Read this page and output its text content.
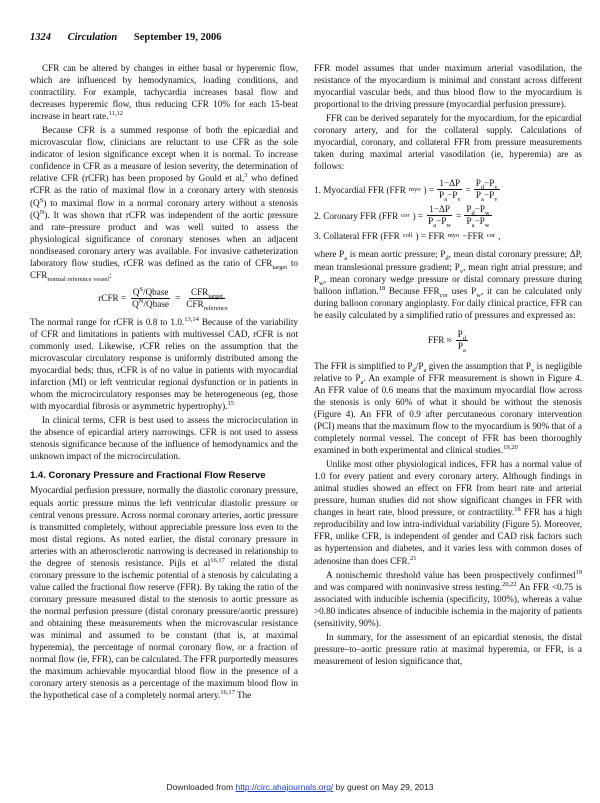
1324 Circulation September 19, 2006

CFR can be altered by changes in either basal or hyperemic flow, which are influenced by hemodynamics, loading conditions, and contractility. For example, tachycardia increases basal flow and decreases hyperemic flow, thus reducing CFR 10% for each 15-beat increase in heart rate.$^{11,12}$

Because CFR is a summed response of both the epicardial and microvascular flow, clinicians are reluctant to use CFR as the sole indicator of lesion significance except when it is normal. To increase confidence in CFR as a measure of lesion severity, the determination of relative CFR (rCFR) has been proposed by Gould et al,$^3$ who defined rCFR as the ratio of maximal flow in a coronary artery with stenosis $(Q^S)$ to maximal flow in a normal coronary artery without a stenosis $(Q^N)$. It was shown that rCFR was independent of the aortic pressure and rate–pressure product and was well suited to assess the physiological significance of coronary stenoses when an adjacent nondiseased coronary artery was available. For invasive catheterization laboratory flow studies, rCFR was defined as the ratio of $CFR_{target}$ to $CFR_{normal reference vessel}$:

rCFR = $\frac{Q^S/Qbase}{Q^N/Qbase} = \frac{CFR_{target}}{CFR_{reference}}$

The normal range for rCFR is 0.8 to 1.0.$^{13,14}$ Because of the variability of CFR and limitations in patients with multivessel CAD, rCFR is not commonly used. Likewise, rCFR relies on the assumption that the microvascular circulatory response is uniformly distributed among the myocardial beds; thus, rCFR is of no value in patients with myocardial infarction (MI) or left ventricular regional dysfunction or in patients in whom the microcirculatory responses may be heterogeneous (eg, those with myocardial fibrosis or asymmetric hypertrophy).$^{15}$

In clinical terms, CFR is best used to assess the microcirculation in the absence of epicardial artery narrowings. CFR is not used to assess stenosis significance because of the influence of hemodynamics and the unknown impact of the microcirculation.

1.4. Coronary Pressure and Fractional Flow Reserve

Myocardial perfusion pressure, normally the diastolic coronary pressure, equals aortic pressure minus the left ventricular diastolic pressure or central venous pressure. Across normal coronary arteries, aortic pressure is transmitted completely, without appreciable pressure loss even to the most distal regions. As noted earlier, the distal coronary pressure in arteries with an atherosclerotic narrowing is decreased in relationship to the degree of stenosis resistance. Pijls et al$^{16,17}$ related the distal coronary pressure to the ischemic potential of a stenosis by calculating a value called the fractional flow reserve (FFR). By taking the ratio of the coronary pressure measured distal to the stenosis to aortic pressure as the normal perfusion pressure (distal coronary pressure/aortic pressure) and obtaining these measurements when the microvascular resistance was minimal and assumed to be constant (that is, at maximal hyperemia), the percentage of normal coronary flow, or a fraction of normal flow (ie, FFR), can be calculated. The FFR purportedly measures the maximum achievable myocardial blood flow in the presence of a coronary artery stenosis as a percentage of the maximum blood flow in the hypothetical case of a completely normal artery.$^{16,17}$ The

FFR model assumes that under maximum arterial vasodilation, the resistance of the myocardium is minimal and constant across different myocardial vascular beds, and thus blood flow to the myocardium is proportional to the driving pressure (myocardial perfusion pressure).

FFR can be derived separately for the myocardium, for the epicardial coronary artery, and for the collateral supply. Calculations of myocardial, coronary, and collateral FFR from pressure measurements taken during maximal arterial vasodilation (ie, hyperemia) are as follows:

1. Myocardial FFR (FFR myo ) = $\frac{1-\Delta P}{P_a-P_v} = \frac{P_d-P_v}{P_a-P_v}$
2. Coronary FFR (FFR cor ) = $\frac{1-\Delta P}{P_a-P_w} = \frac{P_d-P_w}{P_a-P_w}$
3. Collateral FFR (FFR coll ) = FFR myo −FFR cor ,

where $P_a$ is mean aortic pressure; $P_d$, mean distal coronary pressure; ΔP, mean translesional pressure gradient; $P_v$, mean right atrial pressure; and $P_w$, mean coronary wedge pressure or distal coronary pressure during balloon inflation.$^{18}$ Because $FFR_{cor}$ uses $P_w$, it can be calculated only during balloon coronary angioplasty. For daily clinical practice, FFR can be easily calculated by a simplified ratio of pressures and expressed as:

FFR ≈ $\frac{P_d}{P_a}$

The FFR is simplified to $P_d/P_a$ given the assumption that $P_v$ is negligible relative to $P_a$. An example of FFR measurement is shown in Figure 4. An FFR value of 0.6 means that the maximum myocardial flow across the stenosis is only 60% of what it should be without the stenosis (Figure 4). An FFR of 0.9 after percutaneous coronary intervention (PCI) means that the maximum flow to the myocardium is 90% that of a completely normal vessel. The concept of FFR has been thoroughly examined in both experimental and clinical studies.$^{19,20}$

Unlike most other physiological indices, FFR has a normal value of 1.0 for every patient and every coronary artery. Although findings in animal studies showed an effect on FFR from heart rate and arterial pressure, human studies did not show significant changes in FFR with changes in heart rate, blood pressure, or contractility.$^{18}$ FFR has a high reproducibility and low intra-individual variability (Figure 5). Moreover, FFR, unlike CFR, is independent of gender and CAD risk factors such as hypertension and diabetes, and it varies less with common doses of adenosine than does CFR.$^{21}$

A nonischemic threshold value has been prospectively confirmed$^{19}$ and was compared with noninvasive stress testing.$^{20,22}$ An FFR <0.75 is associated with inducible ischemia (specificity, 100%), whereas a value >0.80 indicates absence of inducible ischemia in the majority of patients (sensitivity, 90%).

In summary, for the assessment of an epicardial stenosis, the distal pressure–to–aortic pressure ratio at maximal hyperemia, or FFR, is a measurement of lesion significance that,

Downloaded from http://circ.ahajournals.org/ by guest on May 29, 2013
